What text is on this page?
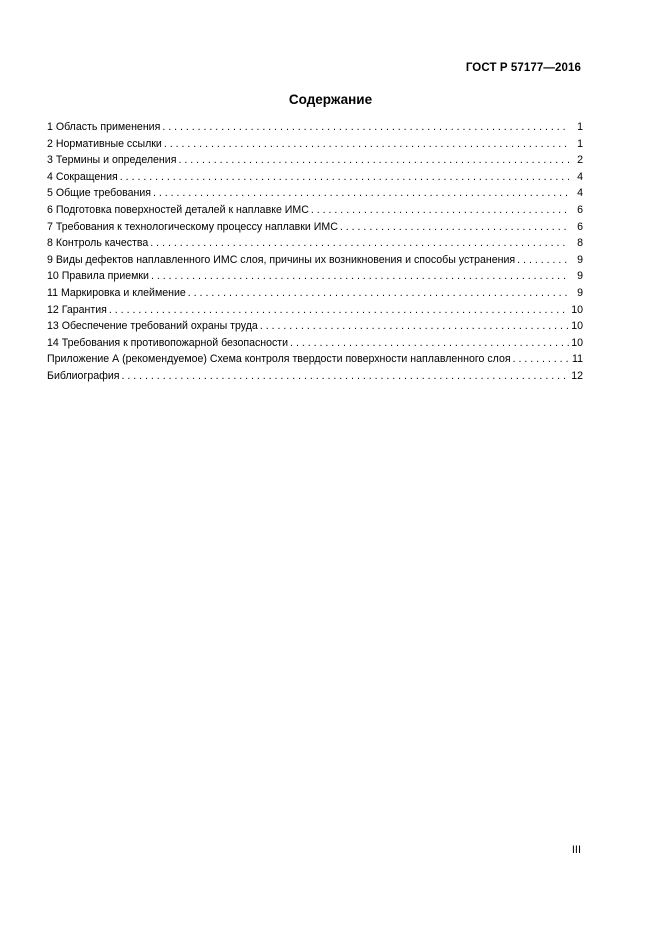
ГОСТ Р 57177—2016
Содержание
1 Область применения . . .	1
2 Нормативные ссылки . . .	1
3 Термины и определения . . .	2
4 Сокращения . . .	4
5 Общие требования . . .	4
6 Подготовка поверхностей деталей к наплавке ИМС . . .	6
7 Требования к технологическому процессу наплавки ИМС . . .	6
8 Контроль качества . . .	8
9 Виды дефектов наплавленного ИМС слоя, причины их возникновения и способы устранения . . .	9
10 Правила приемки . . .	9
11 Маркировка и клеймение . . .	9
12 Гарантия . . .	10
13 Обеспечение требований охраны труда . . .	10
14 Требования к противопожарной безопасности . . .	10
Приложение А (рекомендуемое) Схема контроля твердости поверхности наплавленного слоя . . .	11
Библиография . . .	12
III
